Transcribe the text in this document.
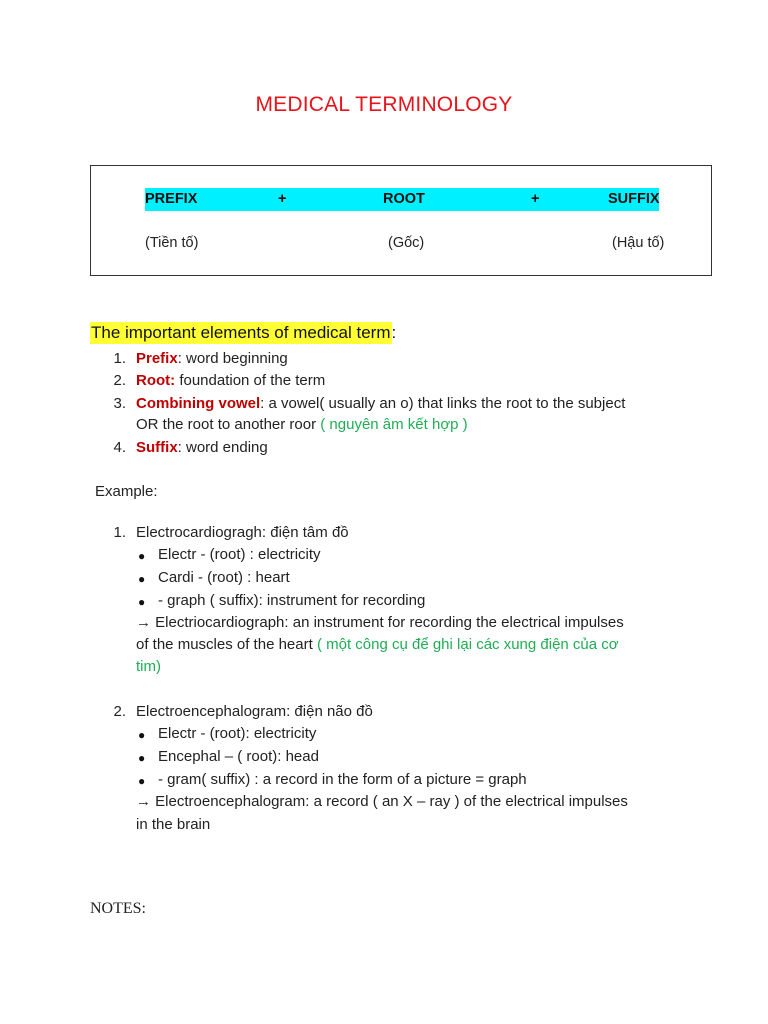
MEDICAL TERMINOLOGY
PREFIX	+	ROOT	+	SUFFIX
(Tiền tố)	(Gốc)	(Hậu tố)
The important elements of medical term:
1. Prefix: word beginning
2. Root: foundation of the term
3. Combining vowel: a vowel( usually an o) that links the root to the subject
OR the root to another roor ( nguyên âm kết hợp )
4. Suffix: word ending
Example:
1. Electrocardiogragh: điện tâm đồ
● Electr - (root) : electricity
● Cardi - (root) : heart
● - graph ( suffix): instrument for recording
→ Electriocardiograph: an instrument for recording the electrical impulses
of the muscles of the heart ( một công cụ để ghi lại các xung điện của cơ
tim)
2. Electroencephalogram: điện não đồ
● Electr - (root): electricity
● Encephal – ( root): head
● - gram( suffix) : a record in the form of a picture = graph
→ Electroencephalogram: a record ( an X – ray ) of the electrical impulses
in the brain
NOTES:
